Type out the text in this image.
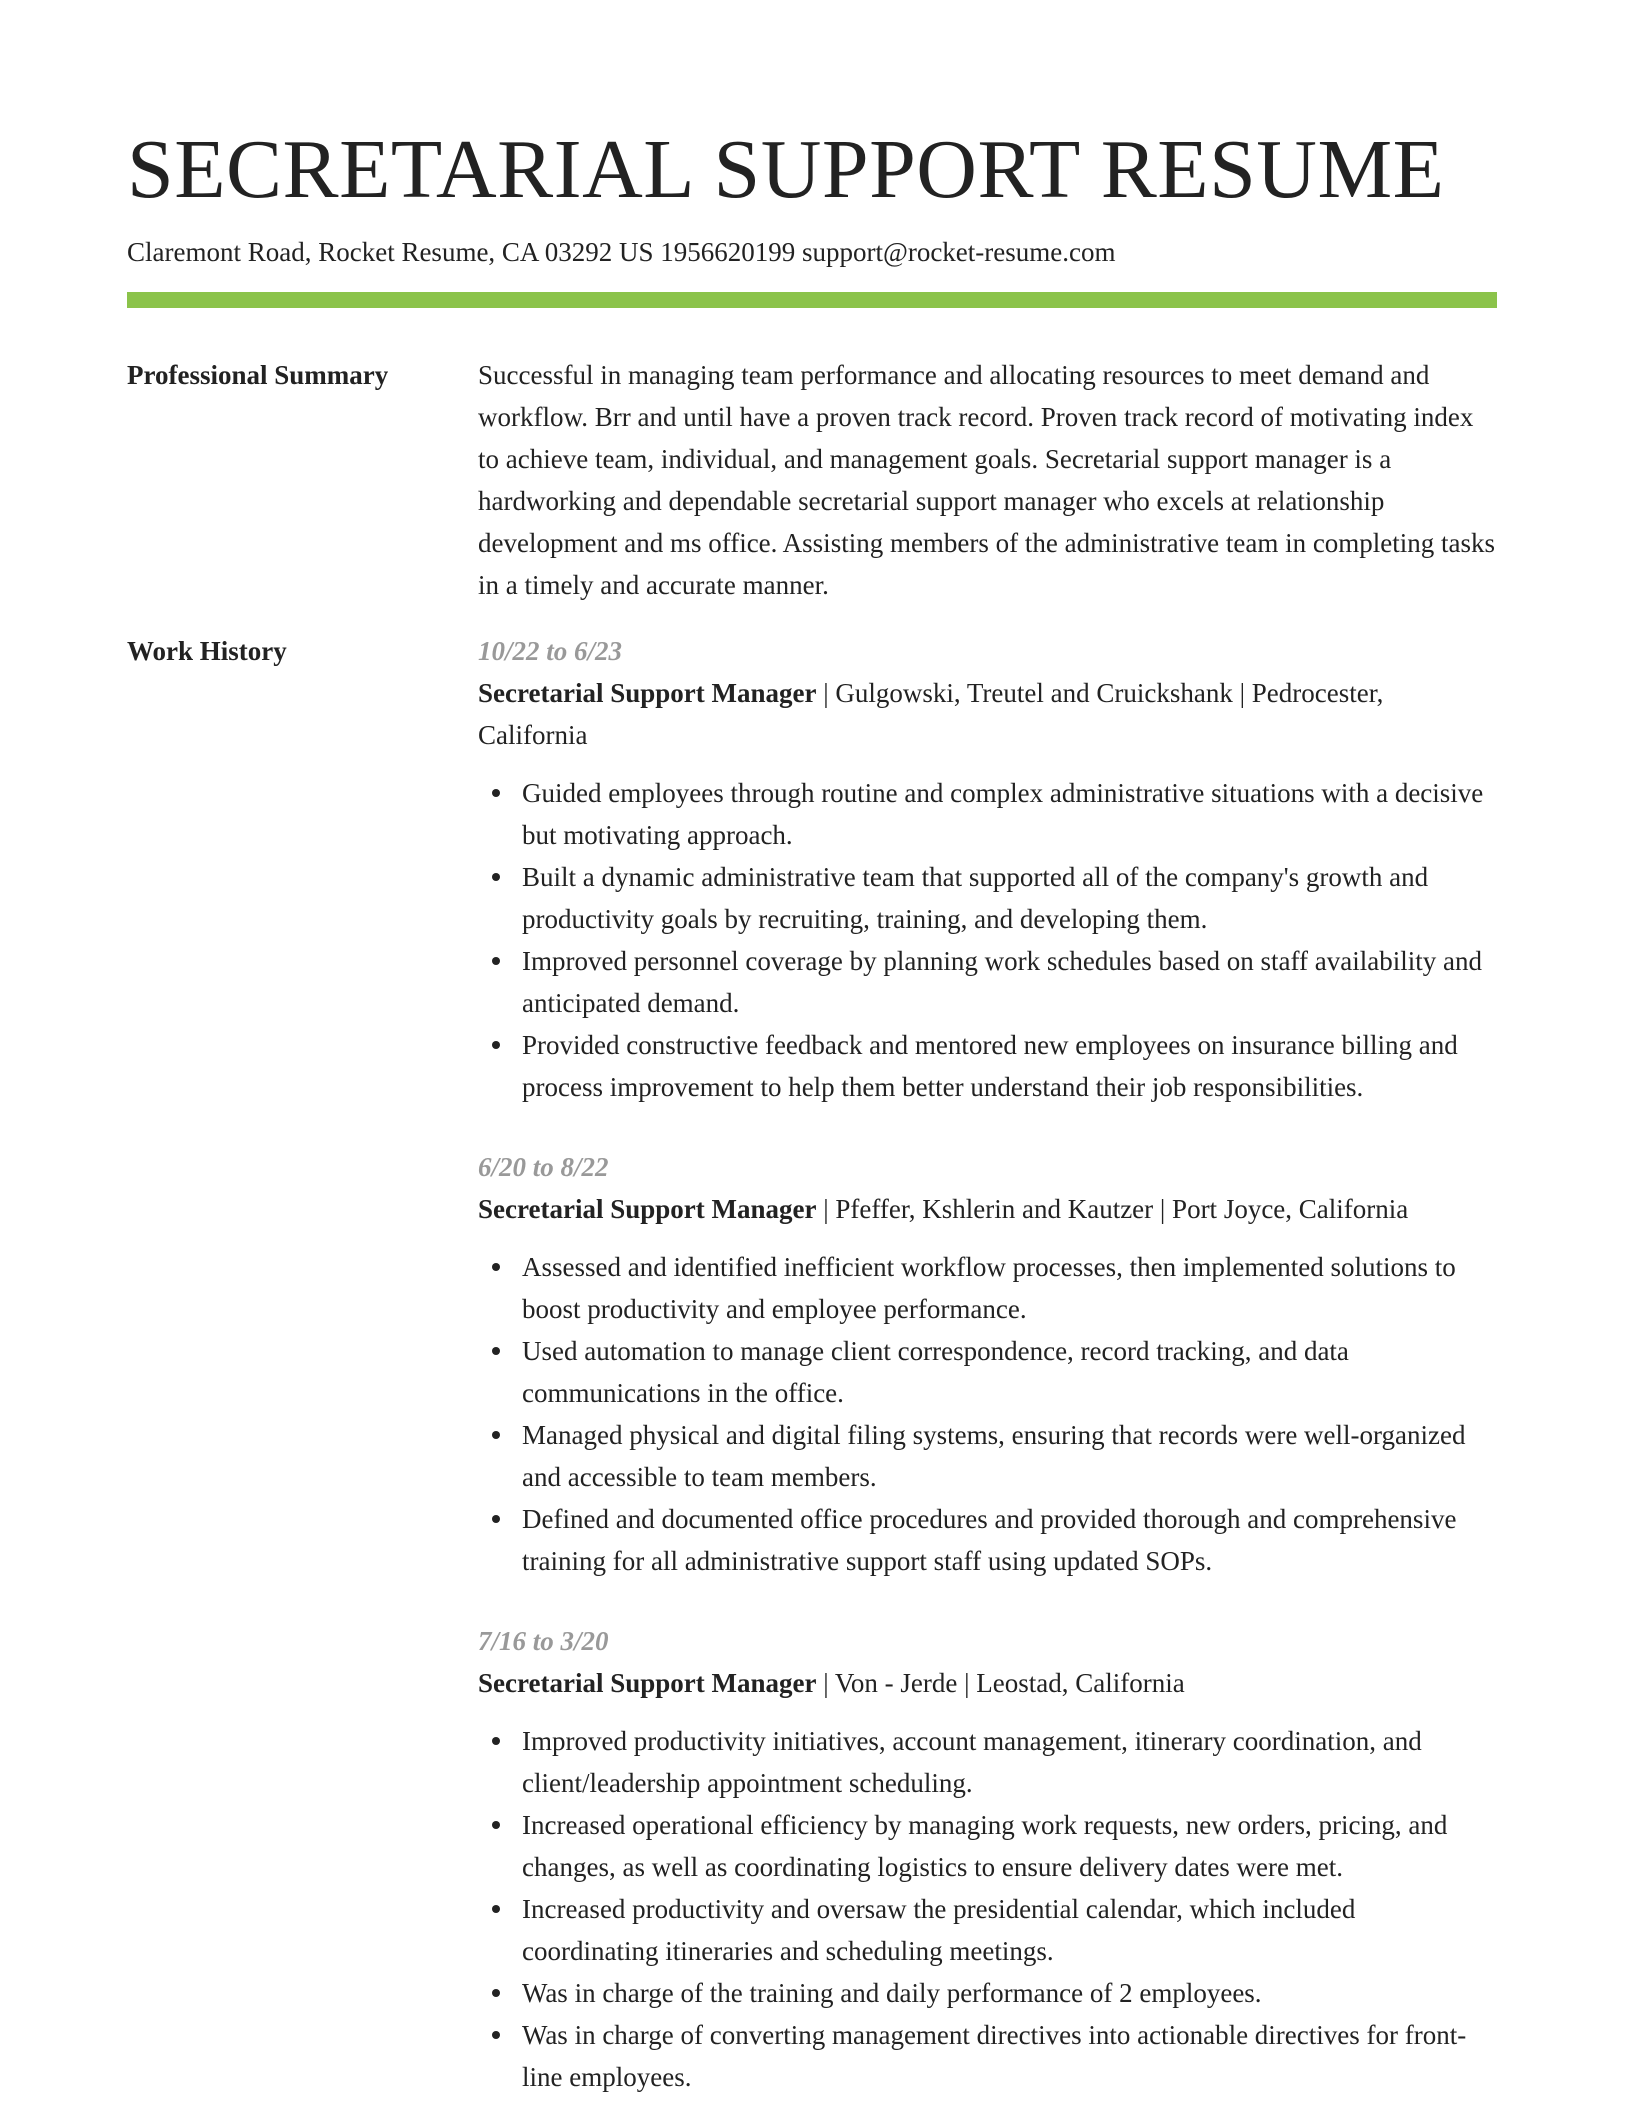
SECRETARIAL SUPPORT RESUME
Claremont Road, Rocket Resume, CA 03292 US 1956620199 support@rocket-resume.com
Professional Summary	Successful in managing team performance and allocating resources to meet demand and workflow. Brr and until have a proven track record. Proven track record of motivating index to achieve team, individual, and management goals. Secretarial support manager is a hardworking and dependable secretarial support manager who excels at relationship development and ms office. Assisting members of the administrative team in completing tasks in a timely and accurate manner.

Work History	10/22 to 6/23
Secretarial Support Manager | Gulgowski, Treutel and Cruickshank | Pedrocester, California
Guided employees through routine and complex administrative situations with a decisive but motivating approach.
Built a dynamic administrative team that supported all of the company's growth and productivity goals by recruiting, training, and developing them.
Improved personnel coverage by planning work schedules based on staff availability and anticipated demand.
Provided constructive feedback and mentored new employees on insurance billing and process improvement to help them better understand their job responsibilities.
6/20 to 8/22
Secretarial Support Manager | Pfeffer, Kshlerin and Kautzer | Port Joyce, California
Assessed and identified inefficient workflow processes, then implemented solutions to boost productivity and employee performance.
Used automation to manage client correspondence, record tracking, and data communications in the office.
Managed physical and digital filing systems, ensuring that records were well-organized and accessible to team members.
Defined and documented office procedures and provided thorough and comprehensive training for all administrative support staff using updated SOPs.
7/16 to 3/20
Secretarial Support Manager | Von - Jerde | Leostad, California
Improved productivity initiatives, account management, itinerary coordination, and client/leadership appointment scheduling.
Increased operational efficiency by managing work requests, new orders, pricing, and changes, as well as coordinating logistics to ensure delivery dates were met.
Increased productivity and oversaw the presidential calendar, which included coordinating itineraries and scheduling meetings.
Was in charge of the training and daily performance of 2 employees.
Was in charge of converting management directives into actionable directives for front-line employees.
